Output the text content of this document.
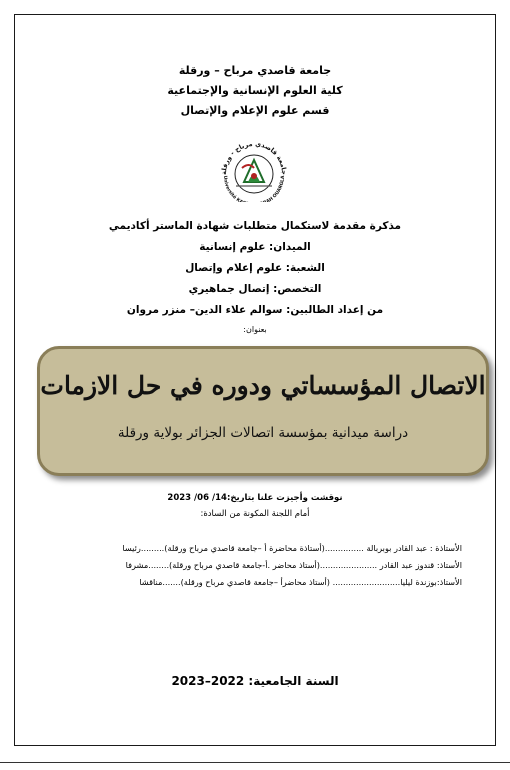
جامعة قاصدي مرباح – ورقلة
كلية العلوم الإنسانية والإجتماعية
قسم علوم الإعلام والإتصال
جامعة قاصدي مرباح - ورقلة
Université K AH OUARGLA
مذكرة مقدمة لاستكمال متطلبات شهادة الماستر أكاديمي
الميدان: علوم إنسانية
الشعبة: علوم إعلام وإتصال
التخصص: إتصال جماهيري
من إعداد الطالبين: سوالم علاء الدين– منزر مروان
بعنوان:
الاتصال المؤسساتي ودوره في حل الازمات
دراسة ميدانية بمؤسسة اتصالات الجزائر بولاية ورقلة
نوقشت وأجيزت علنا بتاريخ:14/ 06/ 2023
أمام اللجنة المكونة من السادة:
الأستاذة : عبد القادر بوبربالة ...............(أستاذة محاضرة أ –جامعة قاصدي مرباح ورقلة).........رئيسا
الأستاذ: قندوز عبد القادر ......................(أستاذ محاضر .أ-جامعة قاصدي مرباح ورقلة)........مشرفا
الأستاذ:بوزندة ليليا.......................... (أستاذ محاضرأ –جامعة قاصدي مرباح ورقلة).......مناقشا
السنة الجامعية: 2022–2023
